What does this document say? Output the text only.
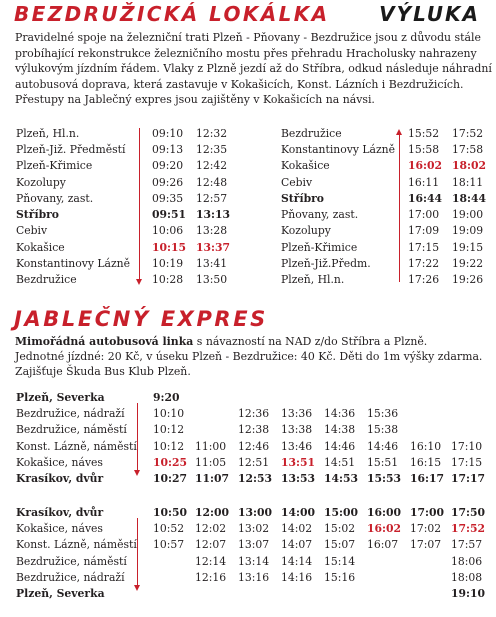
BEZDRUŽICKÁ LOKÁLKA VÝLUKA
Pravidelné spoje na železniční trati Plzeň - Pňovany - Bezdružice jsou z důvodu stále probíhající rekonstrukce železničního mostu přes přehradu Hracholusky nahrazeny výlukovým jízdním řádem. Vlaky z Plzně jezdí až do Stříbra, odkud následuje náhradní autobusová doprava, která zastavuje v Kokašicích, Konst. Lázních i Bezdružicích. Přestupy na Jablečný expres jsou zajištěny v Kokašicích na návsi.
Plzeň, Hl.n.	09:10	12:32
Plzeň-Již. Předměstí	09:13	12:35
Plzeň-Křimice	09:20	12:42
Kozolupy	09:26	12:48
Pňovany, zast.	09:35	12:57
Stříbro	09:51	13:13
Cebiv	10:06	13:28
Kokašice	10:15	13:37
Konstantinovy Lázně	10:19	13:41
Bezdružice	10:28	13:50
Bezdružice	15:52	17:52
Konstantinovy Lázně	15:58	17:58
Kokašice	16:02	18:02
Cebiv	16:11	18:11
Stříbro	16:44	18:44
Pňovany, zast.	17:00	19:00
Kozolupy	17:09	19:09
Plzeň-Křimice	17:15	19:15
Plzeň-Již.Předm.	17:22	19:22
Plzeň, Hl.n.	17:26	19:26
JABLEČNÝ EXPRES
Mimořádná autobusová linka s návazností na NAD z/do Stříbra a Plzně.
Jednotné jízdné: 20 Kč, v úseku Plzeň - Bezdružice: 40 Kč. Děti do 1m výšky zdarma.
Zajišťuje Škuda Bus Klub Plzeň.
Plzeň, Severka	9:20							
Bezdružice, nádraží	10:10		12:36	13:36	14:36	15:36		
Bezdružice, náměstí	10:12		12:38	13:38	14:38	15:38		
Konst. Lázně, náměstí	10:12	11:00	12:46	13:46	14:46	14:46	16:10	17:10
Kokašice, náves	10:25	11:05	12:51	13:51	14:51	15:51	16:15	17:15
Krasíkov, dvůr	10:27	11:07	12:53	13:53	14:53	15:53	16:17	17:17
Krasíkov, dvůr	10:50	12:00	13:00	14:00	15:00	16:00	17:00	17:50
Kokašice, náves	10:52	12:02	13:02	14:02	15:02	16:02	17:02	17:52
Konst. Lázně, náměstí	10:57	12:07	13:07	14:07	15:07	16:07	17:07	17:57
Bezdružice, náměstí		12:14	13:14	14:14	15:14			18:06
Bezdružice, nádraží		12:16	13:16	14:16	15:16			18:08
Plzeň, Severka								19:10
